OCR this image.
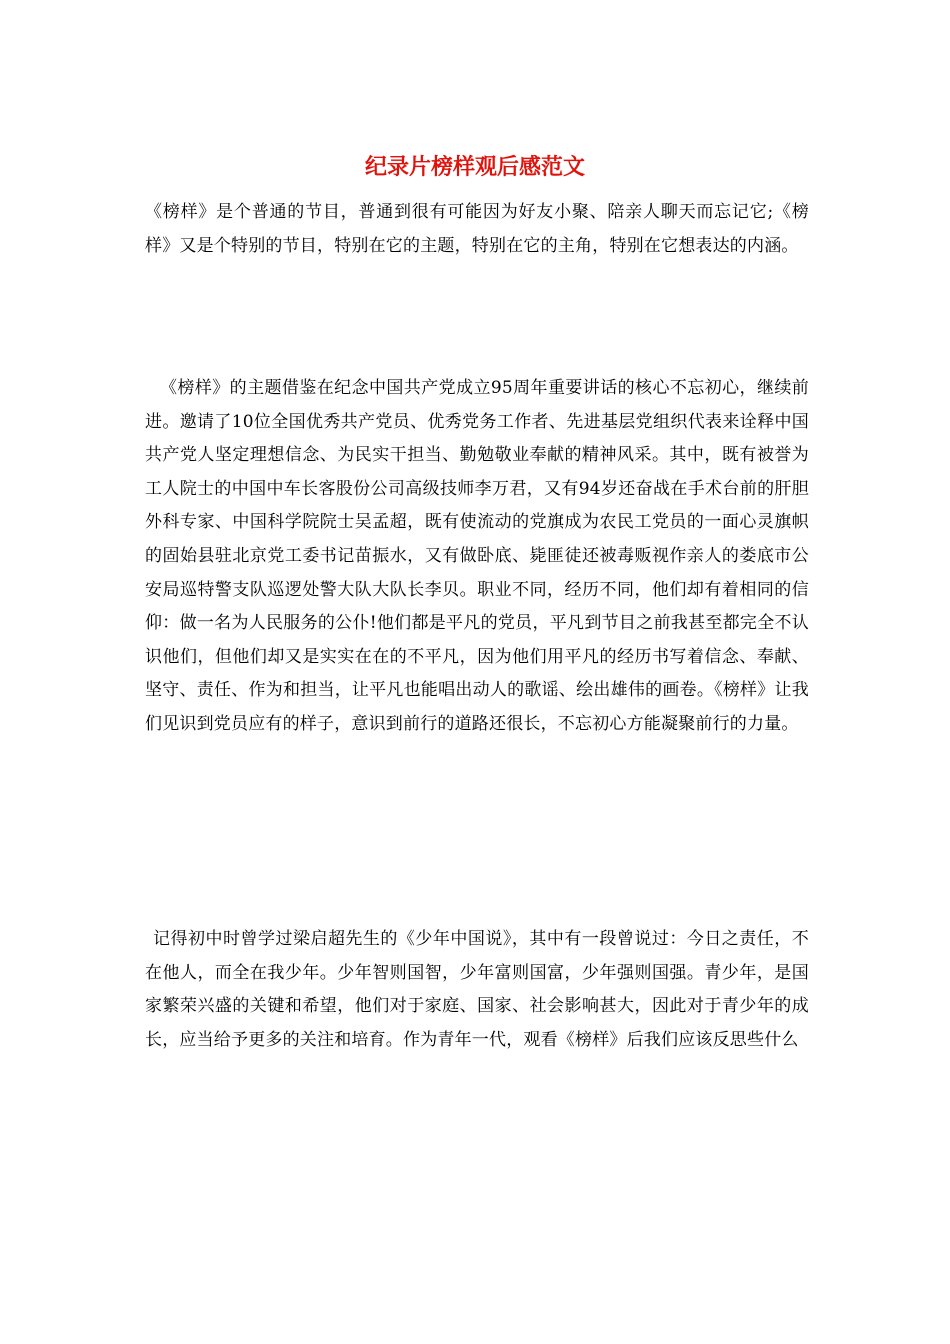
纪录片榜样观后感范文

《榜样》是个普通的节目，普通到很有可能因为好友小聚、陪亲人聊天而忘记它;《榜样》又是个特别的节目，特别在它的主题，特别在它的主角，特别在它想表达的内涵。

《榜样》的主题借鉴在纪念中国共产党成立95周年重要讲话的核心不忘初心，继续前进。邀请了10位全国优秀共产党员、优秀党务工作者、先进基层党组织代表来诠释中国共产党人坚定理想信念、为民实干担当、勤勉敬业奉献的精神风采。其中，既有被誉为工人院士的中国中车长客股份公司高级技师李万君，又有94岁还奋战在手术台前的肝胆外科专家、中国科学院院士吴孟超，既有使流动的党旗成为农民工党员的一面心灵旗帜的固始县驻北京党工委书记苗振水，又有做卧底、毙匪徒还被毒贩视作亲人的娄底市公安局巡特警支队巡逻处警大队大队长李贝。职业不同，经历不同，他们却有着相同的信仰：做一名为人民服务的公仆!他们都是平凡的党员，平凡到节目之前我甚至都完全不认识他们，但他们却又是实实在在的不平凡，因为他们用平凡的经历书写着信念、奉献、坚守、责任、作为和担当，让平凡也能唱出动人的歌谣、绘出雄伟的画卷。《榜样》让我们见识到党员应有的样子，意识到前行的道路还很长，不忘初心方能凝聚前行的力量。

记得初中时曾学过梁启超先生的《少年中国说》，其中有一段曾说过：今日之责任，不在他人，而全在我少年。少年智则国智，少年富则国富，少年强则国强。青少年，是国家繁荣兴盛的关键和希望，他们对于家庭、国家、社会影响甚大，因此对于青少年的成长，应当给予更多的关注和培育。作为青年一代，观看《榜样》后我们应该反思些什么
